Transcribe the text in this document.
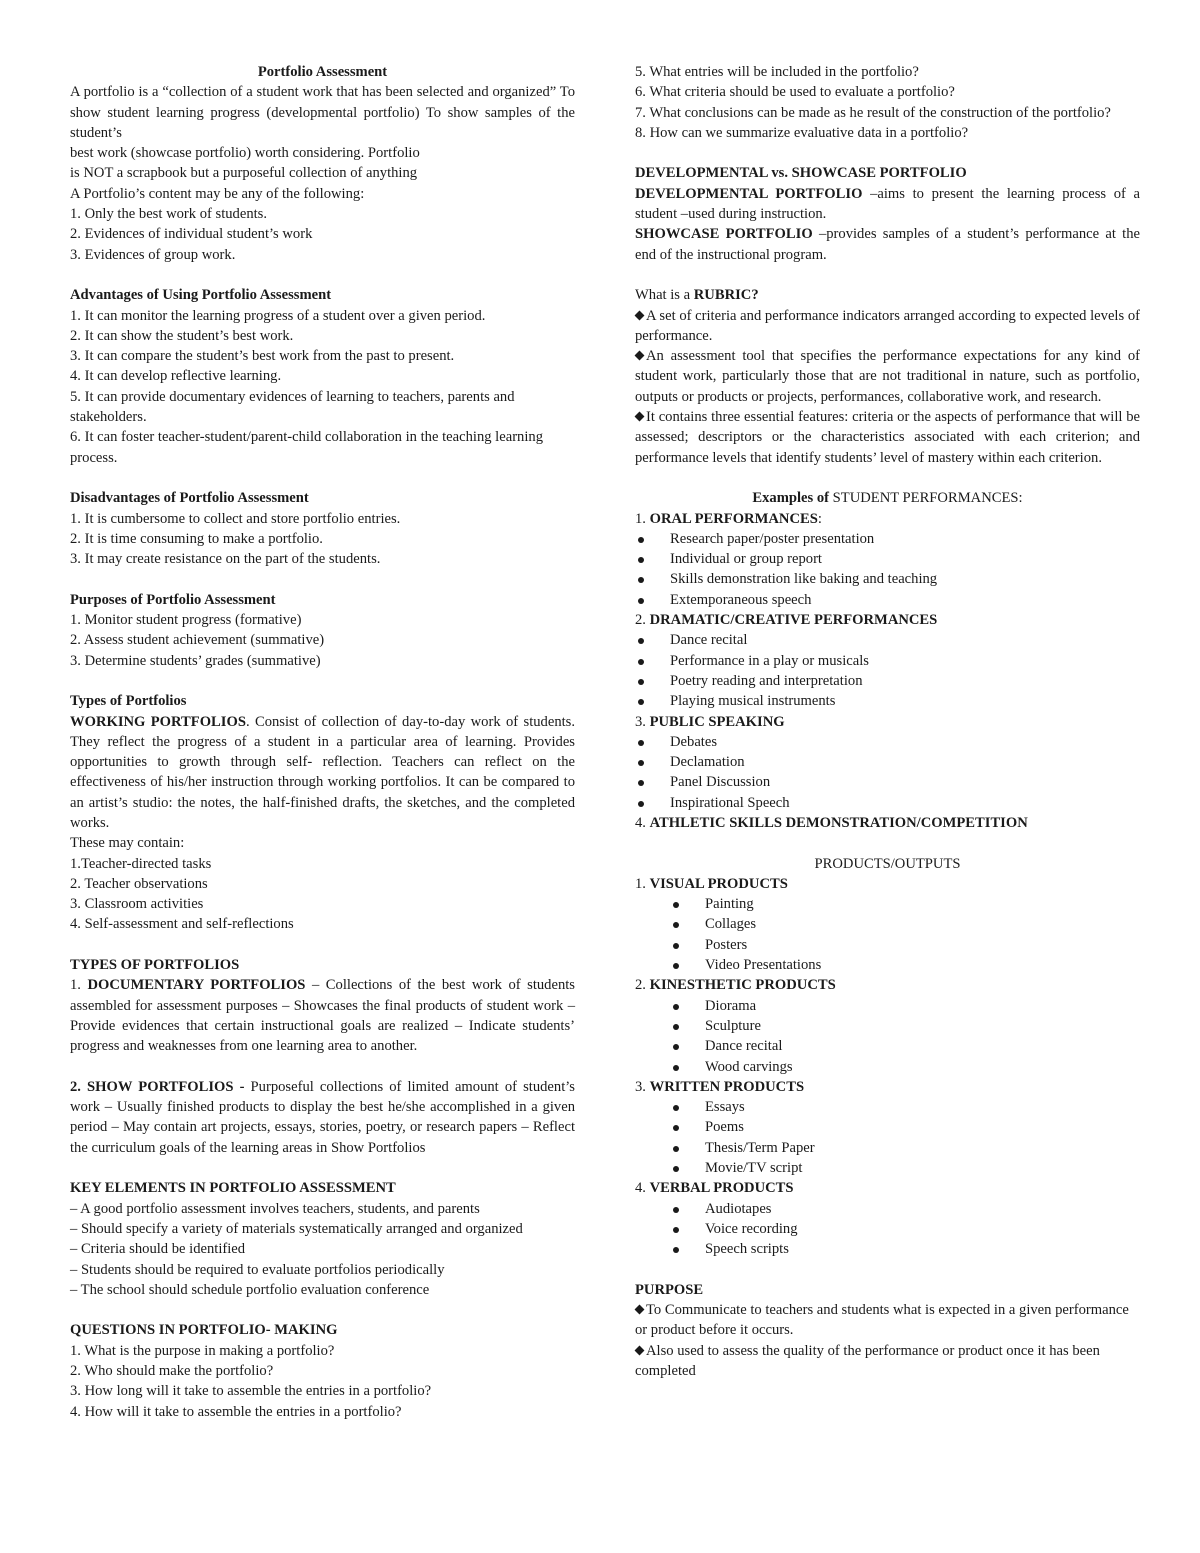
Portfolio Assessment

A portfolio is a “collection of a student work that has been selected and organized” To show student learning progress (developmental portfolio) To show samples of the student’s

best work (showcase portfolio) worth considering. Portfolio

is NOT a scrapbook but a purposeful collection of anything

A Portfolio’s content may be any of the following:

1. Only the best work of students.

2. Evidences of individual student’s work

3. Evidences of group work.

Advantages of Using Portfolio Assessment

1. It can monitor the learning progress of a student over a given period.

2. It can show the student’s best work.

3. It can compare the student’s best work from the past to present.

4. It can develop reflective learning.

5. It can provide documentary evidences of learning to teachers, parents and stakeholders.

6. It can foster teacher-student/parent-child collaboration in the teaching learning process.

Disadvantages of Portfolio Assessment

1. It is cumbersome to collect and store portfolio entries.

2. It is time consuming to make a portfolio.

3. It may create resistance on the part of the students.

Purposes of Portfolio Assessment

1. Monitor student progress (formative)

2. Assess student achievement (summative)

3. Determine students’ grades (summative)

Types of Portfolios

WORKING PORTFOLIOS. Consist of collection of day-to-day work of students. They reflect the progress of a student in a particular area of learning. Provides opportunities to growth through self- reflection. Teachers can reflect on the effectiveness of his/her instruction through working portfolios. It can be compared to an artist’s studio: the notes, the half-finished drafts, the sketches, and the completed works.

These may contain:

1.Teacher-directed tasks

2. Teacher observations

3. Classroom activities

4. Self-assessment and self-reflections

TYPES OF PORTFOLIOS

1. DOCUMENTARY PORTFOLIOS – Collections of the best work of students assembled for assessment purposes – Showcases the final products of student work – Provide evidences that certain instructional goals are realized – Indicate students’ progress and weaknesses from one learning area to another.

2. SHOW PORTFOLIOS - Purposeful collections of limited amount of student’s work – Usually finished products to display the best he/she accomplished in a given period – May contain art projects, essays, stories, poetry, or research papers – Reflect the curriculum goals of the learning areas in Show Portfolios

KEY ELEMENTS IN PORTFOLIO ASSESSMENT

– A good portfolio assessment involves teachers, students, and parents

– Should specify a variety of materials systematically arranged and organized

– Criteria should be identified

– Students should be required to evaluate portfolios periodically

– The school should schedule portfolio evaluation conference

QUESTIONS IN PORTFOLIO- MAKING

1. What is the purpose in making a portfolio?

2. Who should make the portfolio?

3. How long will it take to assemble the entries in a portfolio?

4. How will it take to assemble the entries in a portfolio?

5. What entries will be included in the portfolio?

6. What criteria should be used to evaluate a portfolio?

7. What conclusions can be made as he result of the construction of the portfolio?

8. How can we summarize evaluative data in a portfolio?

DEVELOPMENTAL vs. SHOWCASE PORTFOLIO

DEVELOPMENTAL PORTFOLIO –aims to present the learning process of a student –used during instruction.

SHOWCASE PORTFOLIO –provides samples of a student’s performance at the end of the instructional program.

What is a RUBRIC?

A set of criteria and performance indicators arranged according to expected levels of performance.

An assessment tool that specifies the performance expectations for any kind of student work, particularly those that are not traditional in nature, such as portfolio, outputs or products or projects, performances, collaborative work, and research.

It contains three essential features: criteria or the aspects of performance that will be assessed; descriptors or the characteristics associated with each criterion; and performance levels that identify students’ level of mastery within each criterion.

Examples of STUDENT PERFORMANCES:

1. ORAL PERFORMANCES:

Research paper/poster presentation

Individual or group report

Skills demonstration like baking and teaching

Extemporaneous speech

2. DRAMATIC/CREATIVE PERFORMANCES

Dance recital

Performance in a play or musicals

Poetry reading and interpretation

Playing musical instruments

3. PUBLIC SPEAKING

Debates

Declamation

Panel Discussion

Inspirational Speech

4. ATHLETIC SKILLS DEMONSTRATION/COMPETITION

PRODUCTS/OUTPUTS

1. VISUAL PRODUCTS

Painting

Collages

Posters

Video Presentations

2. KINESTHETIC PRODUCTS

Diorama

Sculpture

Dance recital

Wood carvings

3. WRITTEN PRODUCTS

Essays

Poems

Thesis/Term Paper

Movie/TV script

4. VERBAL PRODUCTS

Audiotapes

Voice recording

Speech scripts

PURPOSE

To Communicate to teachers and students what is expected in a given performance or product before it occurs.

Also used to assess the quality of the performance or product once it has been completed
